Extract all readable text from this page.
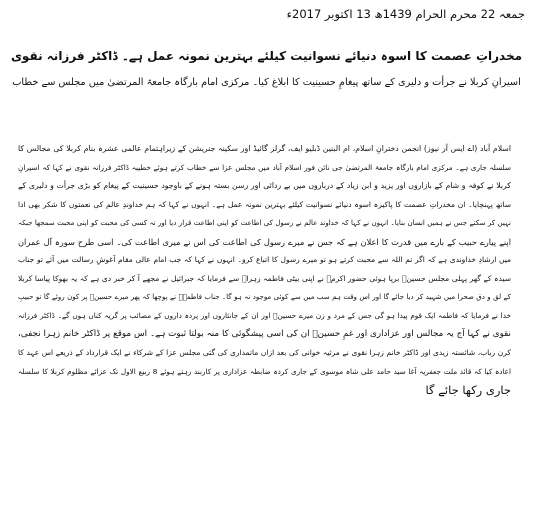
جمعہ 22 محرم الحرام 1439ھ 13 اکتوبر 2017ء
مخدراتِ عصمت کا اسوہ دنیائے نسوانیت کیلئے بہترین نمونہ عمل ہے۔ ڈاکٹر فرزانہ نقوی
اسیرانِ کربلا نے جرأت و دلیری کے ساتھ پیغامِ حسینیت کا ابلاغ کیا۔ مرکزی امام بارگاہ جامعۃ المرتضیٰ میں مجلس سے خطاب
اسلام آباد (اے ایس آر نیوز) انجمن دخترانِ اسلام، ام البنین ڈبلیو ایف، گرلز گائیڈ اور سکینہ جنریشن کے زیراہتمام عالمی عشرہ بنام کربلا کی مجالس کا
سلسلہ جاری ہے۔ مرکزی امام بارگاہ جامعۃ المرتضیٰ جی نائن فور اسلام آباد میں مجلس عزا سے خطاب کرتے ہوئے خطیبہ ڈاکٹر فرزانہ نقوی نے کہا کہ اسیرانِ
کربلا نے کوفہ و شام کے بازاروں اور یزید و ابن زیاد کے درباروں میں بے ردائی اور رسن بستہ ہونے کے باوجود حسینیت کے پیغام کو بڑی جرأت و دلیری کے
ساتھ پہنچایا۔ ان مخدراتِ عصمت کا پاکیزہ اسوہ دنیائے نسوانیت کیلئے بہترین نمونہ عمل ہے۔ انہوں نے کہا کہ ہم خداوندِ عالم کی نعمتوں کا شکر بھی ادا
نہیں کر سکتے جس نے ہمیں انسان بنایا۔ انہوں نے کہا کہ خداوند عالم نے رسول کی اطاعت کو اپنی اطاعت قرار دیا اور نہ کسی کی محبت کو اپنی محبت سمجھا جبکہ
اپنے پیارے حبیب کے بارے میں قدرت کا اعلان ہے کہ جس نے میرے رسول کی اطاعت کی اس نے میری اطاعت کی۔ اسی طرح سورہ آل عمران
میں ارشادِ خداوندی ہے کہ اگر تم اللہ سے محبت کرتے ہو تو میرے رسول کا اتباع کرو۔ انہوں نے کہا کہ جب امام عالی مقام آغوشِ رسالت میں آئے تو جناب
سیدہ کے گھر پہلی مجلس حسینؑ برپا ہوئی حضور اکرمؐ نے اپنی بیٹی فاطمہ زہراؑ سے فرمایا کہ جبرائیل نے مجھے آ کر خبر دی ہے کہ یہ بھوکا پیاسا کربلا
کے لق و دق صحرا میں شہید کر دیا جائے گا اور اس وقت ہم سب میں سے کوئی موجود نہ ہو گا۔ جناب فاطمہؑ نے پوچھا کہ پھر میرے حسینؑ پر کون روئے گا تو حبیبِ
خدا نے فرمایا کہ فاطمہ ایک قوم پیدا ہو گی جس کے مرد و زن میرے حسینؑ اور ان کے جانثاروں اور پردہ داروں کے مصائب پر گریہ کناں ہوں گے۔ ڈاکٹر فرزانہ
نقوی نے کہا آج یہ مجالس اور عزاداری اور غمِ حسینؑ ان کی اسی پیشگوئی کا منہ بولتا ثبوت ہے۔ اس موقع پر ڈاکٹر خانم زہرا نجفی،
کرن رباب، شائستہ زیدی اور ڈاکٹر خانم زہرا نقوی نے مرثیہ خوانی کی بعد ازاں ماتمداری کی گئی مجلس عزا کے شرکاء نے ایک قرارداد کے ذریعے اس عہد کا
اعادہ کیا کہ قائد ملت جعفریہ آغا سید حامد علی شاہ موسوی کے جاری کردہ ضابطہ عزاداری پر کاربند رہتے ہوئے 8 ربیع الاول تک عزائے مظلوم کربلا کا سلسلہ
جاری رکھا جائے گا
